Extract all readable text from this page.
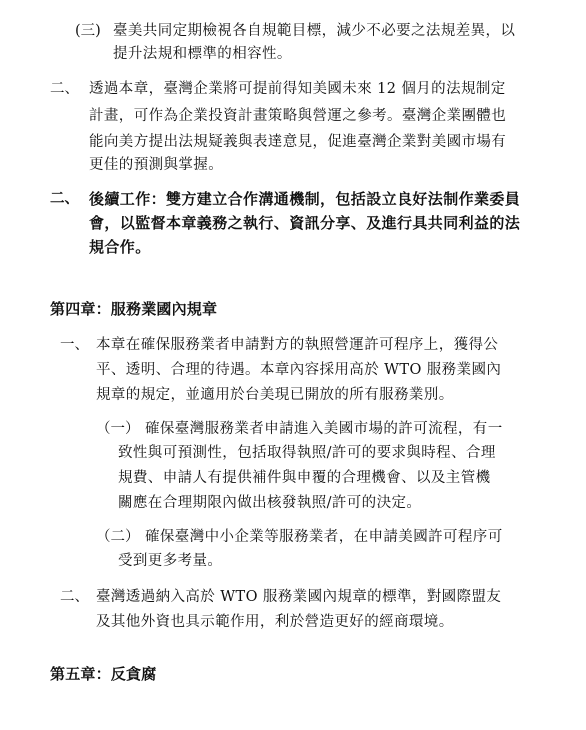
(三) 臺美共同定期檢視各自規範目標，減少不必要之法規差異，以
提升法規和標準的相容性。
二、 透過本章，臺灣企業將可提前得知美國未來 12 個月的法規制定
計畫，可作為企業投資計畫策略與營運之參考。臺灣企業團體也
能向美方提出法規疑義與表達意見，促進臺灣企業對美國市場有
更佳的預測與掌握。
二、 後續工作：雙方建立合作溝通機制，包括設立良好法制作業委員
會，以監督本章義務之執行、資訊分享、及進行具共同利益的法
規合作。
第四章：服務業國內規章
一、 本章在確保服務業者申請對方的執照營運許可程序上，獲得公
平、透明、合理的待遇。本章內容採用高於 WTO 服務業國內
規章的規定，並適用於台美現已開放的所有服務業別。
（一） 確保臺灣服務業者申請進入美國市場的許可流程，有一
致性與可預測性，包括取得執照/許可的要求與時程、合理
規費、申請人有提供補件與申覆的合理機會、以及主管機
關應在合理期限內做出核發執照/許可的決定。
（二） 確保臺灣中小企業等服務業者，在申請美國許可程序可
受到更多考量。
二、 臺灣透過納入高於 WTO 服務業國內規章的標準，對國際盟友
及其他外資也具示範作用，利於營造更好的經商環境。
第五章：反貪腐
